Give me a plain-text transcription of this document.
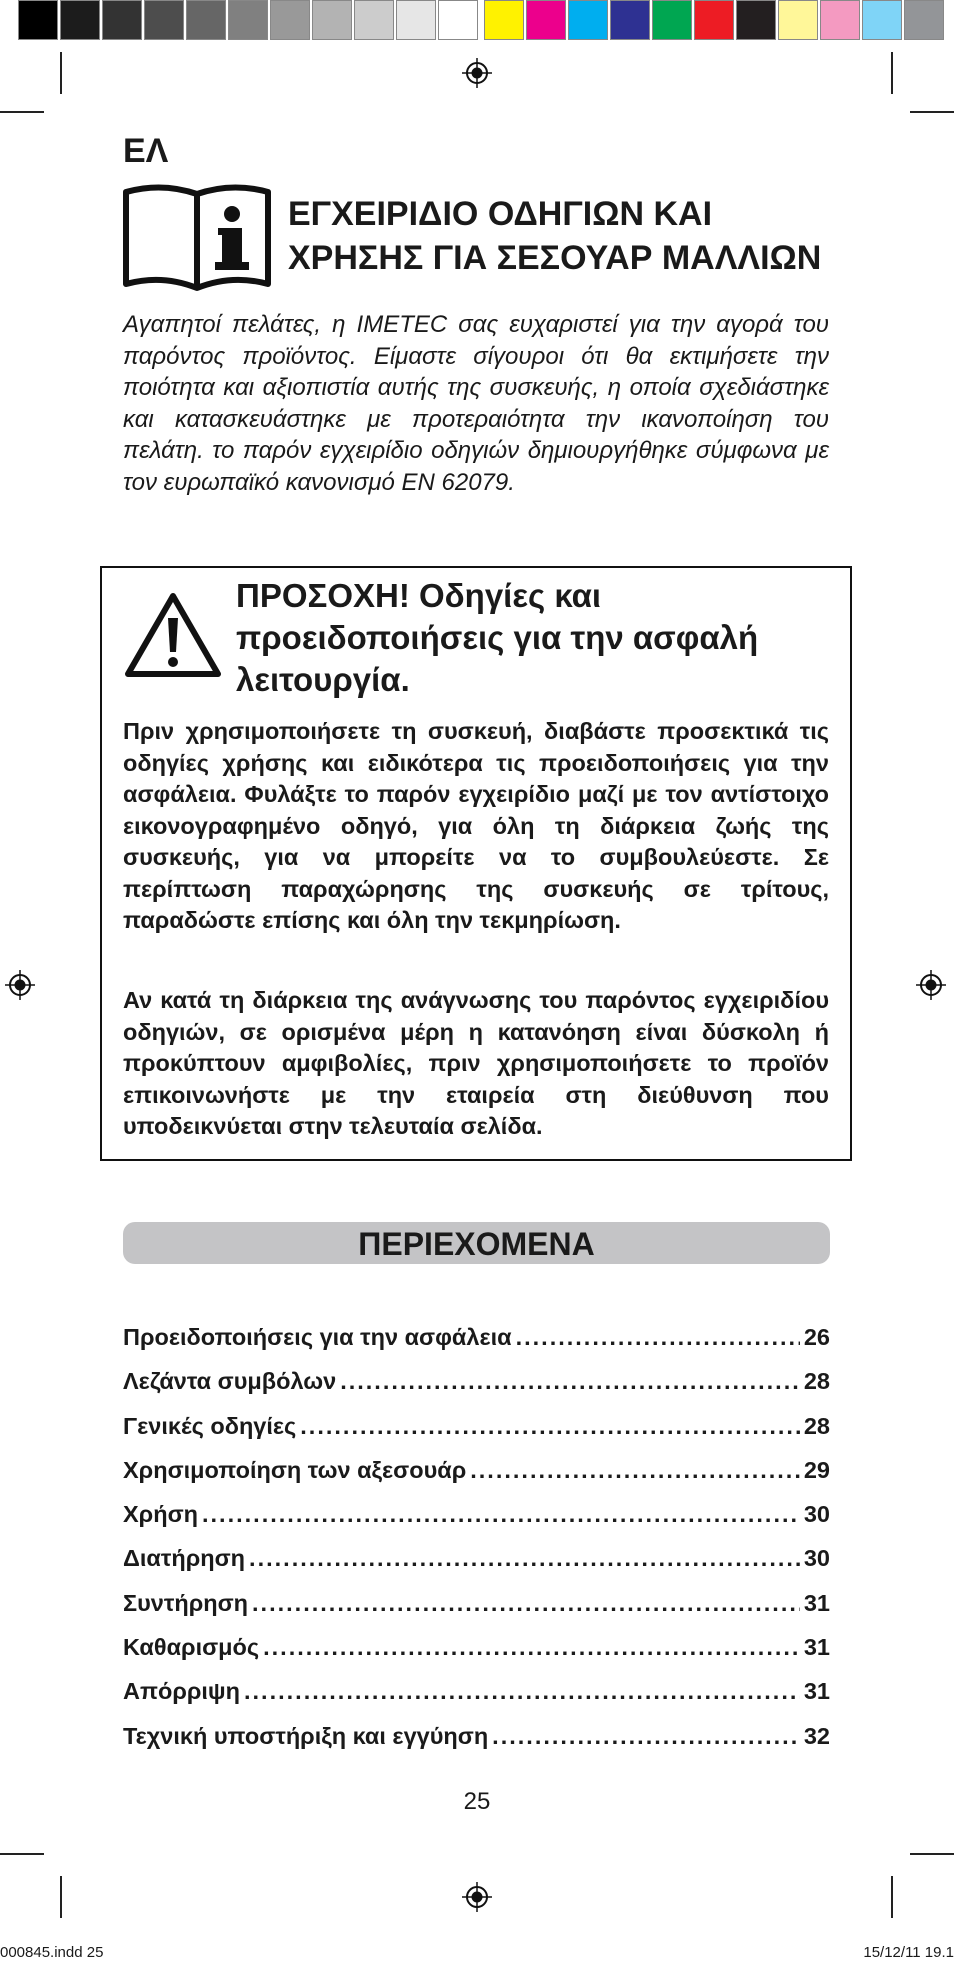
ΕΛ
ΕΓΧΕΙΡΙΔΙΟ ΟΔΗΓΙΩΝ ΚΑΙ
ΧΡΗΣΗΣ ΓΙΑ ΣΕΣΟΥΑΡ ΜΑΛΛΙΩΝ
Αγαπητοί πελάτες, η IMETEC σας ευχαριστεί για την αγορά του παρόντος προϊόντος. Είμαστε σίγουροι ότι θα εκτιμήσετε την ποιότητα και αξιοπιστία αυτής της συσκευής, η οποία σχεδιάστηκε και κατασκευάστηκε με προτεραιότητα την ικανοποίηση του πελάτη. το παρόν εγχειρίδιο οδηγιών δημιουργήθηκε σύμφωνα με τον ευρωπαϊκό κανονισμό EN 62079.
ΠΡΟΣΟΧΗ! Οδηγίες και προειδοποιήσεις για την ασφαλή λειτουργία.

Πριν χρησιμοποιήσετε τη συσκευή, διαβάστε προσεκτικά τις οδηγίες χρήσης και ειδικότερα τις προειδοποιήσεις για την ασφάλεια. Φυλάξτε το παρόν εγχειρίδιο μαζί με τον αντίστοιχο εικονογραφημένο οδηγό, για όλη τη διάρκεια ζωής της συσκευής, για να μπορείτε να το συμβουλεύεστε. Σε περίπτωση παραχώρησης της συσκευής σε τρίτους, παραδώστε επίσης και όλη την τεκμηρίωση.

Αν κατά τη διάρκεια της ανάγνωσης του παρόντος εγχειριδίου οδηγιών, σε ορισμένα μέρη η κατανόηση είναι δύσκολη ή προκύπτουν αμφιβολίες, πριν χρησιμοποιήσετε το προϊόν επικοινωνήστε με την εταιρεία στη διεύθυνση που υποδεικνύεται στην τελευταία σελίδα.

ΠΕΡΙΕΧΟΜΕΝΑ
Προειδοποιήσεις για την ασφάλεια .....	26
Λεζάντα συμβόλων .....	28
Γενικές οδηγίες .....	28
Χρησιμοποίηση των αξεσουάρ .....	29
Χρήση .....	30
Διατήρηση .....	30
Συντήρηση .....	31
Καθαρισμός .....	31
Απόρριψη .....	31
Τεχνική υποστήριξη και εγγύηση .....	32
25
000845.indd 25	15/12/11 19.1
